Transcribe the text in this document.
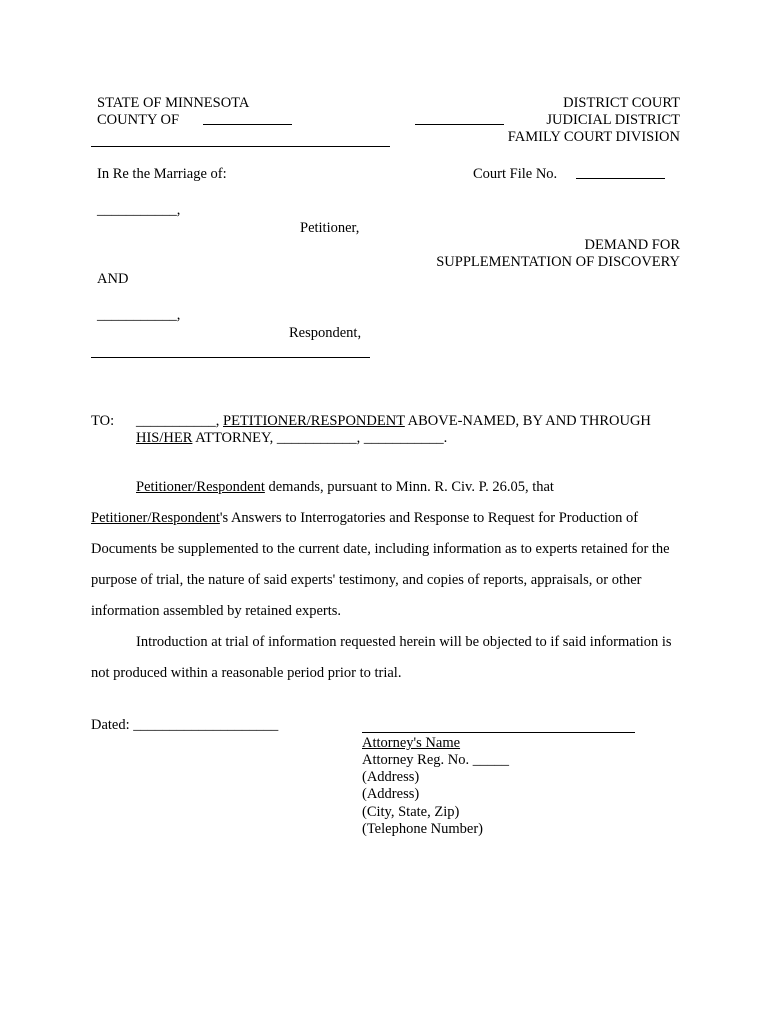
STATE OF MINNESOTA
COUNTY OF
DISTRICT COURT
JUDICIAL DISTRICT
FAMILY COURT DIVISION
In Re the Marriage of:	Court File No.
___________,
Petitioner,
DEMAND FOR
SUPPLEMENTATION OF DISCOVERY
AND
___________,
Respondent,
TO: ___________, PETITIONER/RESPONDENT ABOVE-NAMED, BY AND THROUGH
HIS/HER ATTORNEY, ___________, ___________.
Petitioner/Respondent demands, pursuant to Minn. R. Civ. P. 26.05, that
Petitioner/Respondent's Answers to Interrogatories and Response to Request for Production of
Documents be supplemented to the current date, including information as to experts retained for the
purpose of trial, the nature of said experts' testimony, and copies of reports, appraisals, or other
information assembled by retained experts.
Introduction at trial of information requested herein will be objected to if said information is
not produced within a reasonable period prior to trial.
Dated: ____________________
Attorney's Name
Attorney Reg. No. _____
(Address)
(Address)
(City, State, Zip)
(Telephone Number)
